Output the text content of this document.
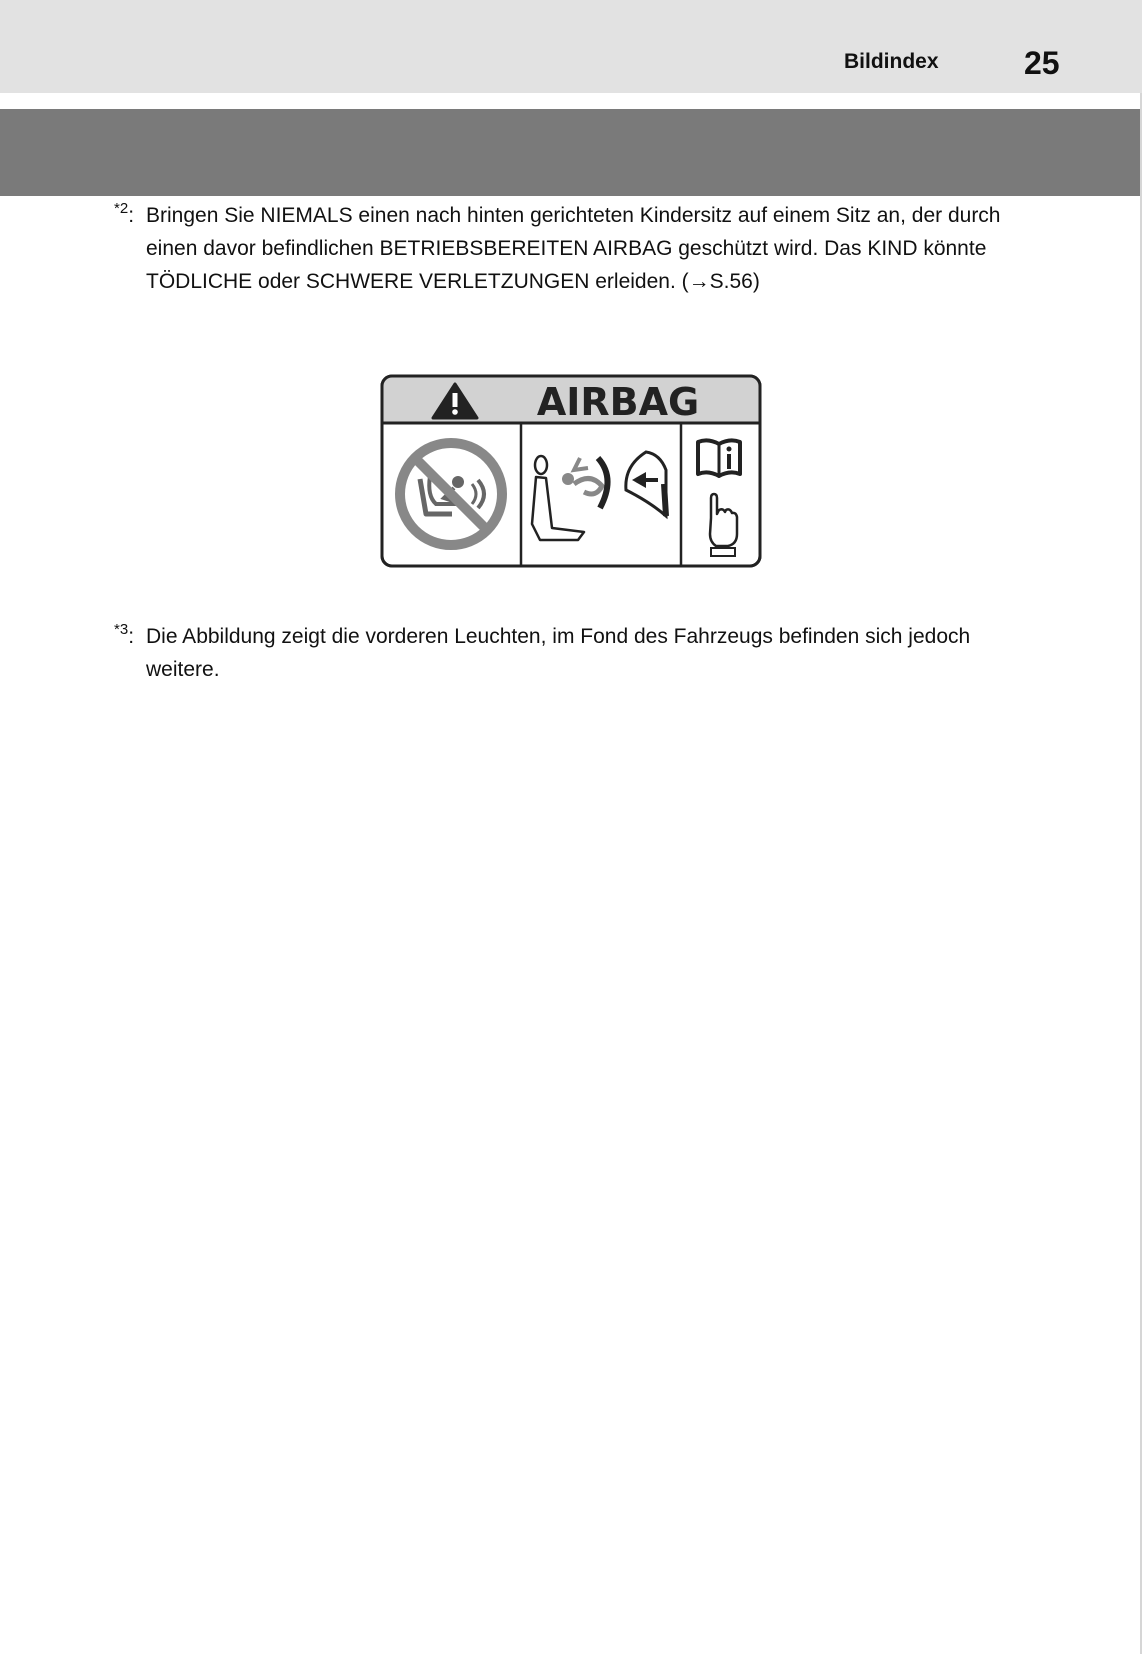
Bildindex	25
$^{*2}$: Bringen Sie NIEMALS einen nach hinten gerichteten Kindersitz auf einem Sitz an, der durch einen davor befindlichen BETRIEBSBEREITEN AIRBAG geschützt wird. Das KIND könnte TÖDLICHE oder SCHWERE VERLETZUNGEN erleiden. (→S.56)
AIRBAG
$^{*3}$: Die Abbildung zeigt die vorderen Leuchten, im Fond des Fahrzeugs befinden sich jedoch weitere.
